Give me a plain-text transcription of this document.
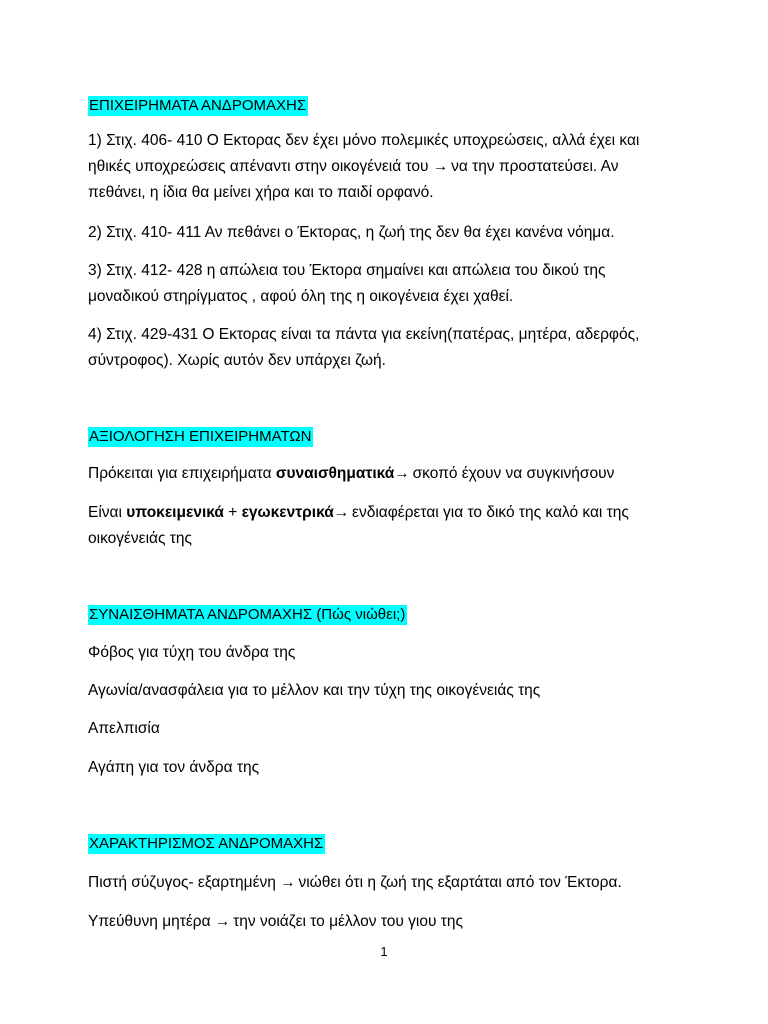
ΕΠΙΧΕΙΡΗΜΑΤΑ ΑΝΔΡΟΜΑΧΗΣ
1) Στιχ. 406- 410 Ο Εκτορας δεν έχει μόνο πολεμικές υποχρεώσεις, αλλά έχει και
ηθικές υποχρεώσεις απέναντι στην οικογένειά του → να την προστατεύσει. Αν
πεθάνει, η ίδια θα μείνει χήρα και το παιδί ορφανό.
2) Στιχ. 410- 411 Αν πεθάνει ο Έκτορας, η ζωή της δεν θα έχει κανένα νόημα.
3) Στιχ. 412- 428 η απώλεια του Έκτορα σημαίνει και απώλεια του δικού της
μοναδικού στηρίγματος , αφού όλη της η οικογένεια έχει χαθεί.
4) Στιχ. 429-431 Ο Εκτορας είναι τα πάντα για εκείνη(πατέρας, μητέρα, αδερφός,
σύντροφος). Χωρίς αυτόν δεν υπάρχει ζωή.
ΑΞΙΟΛΟΓΗΣΗ ΕΠΙΧΕΙΡΗΜΑΤΩΝ
Πρόκειται για επιχειρήματα συναισθηματικά→ σκοπό έχουν να συγκινήσουν
Είναι υποκειμενικά + εγωκεντρικά→ ενδιαφέρεται για το δικό της καλό και της
οικογένειάς της
ΣΥΝΑΙΣΘΗΜΑΤΑ ΑΝΔΡΟΜΑΧΗΣ (Πώς νιώθει;)
Φόβος για τύχη του άνδρα της
Αγωνία/ανασφάλεια για το μέλλον και την τύχη της οικογένειάς της
Απελπισία
Αγάπη για τον άνδρα της
ΧΑΡΑΚΤΗΡΙΣΜΟΣ ΑΝΔΡΟΜΑΧΗΣ
Πιστή σύζυγος- εξαρτημένη → νιώθει ότι η ζωή της εξαρτάται από τον Έκτορα.
Υπεύθυνη μητέρα → την νοιάζει το μέλλον του γιου της
1
